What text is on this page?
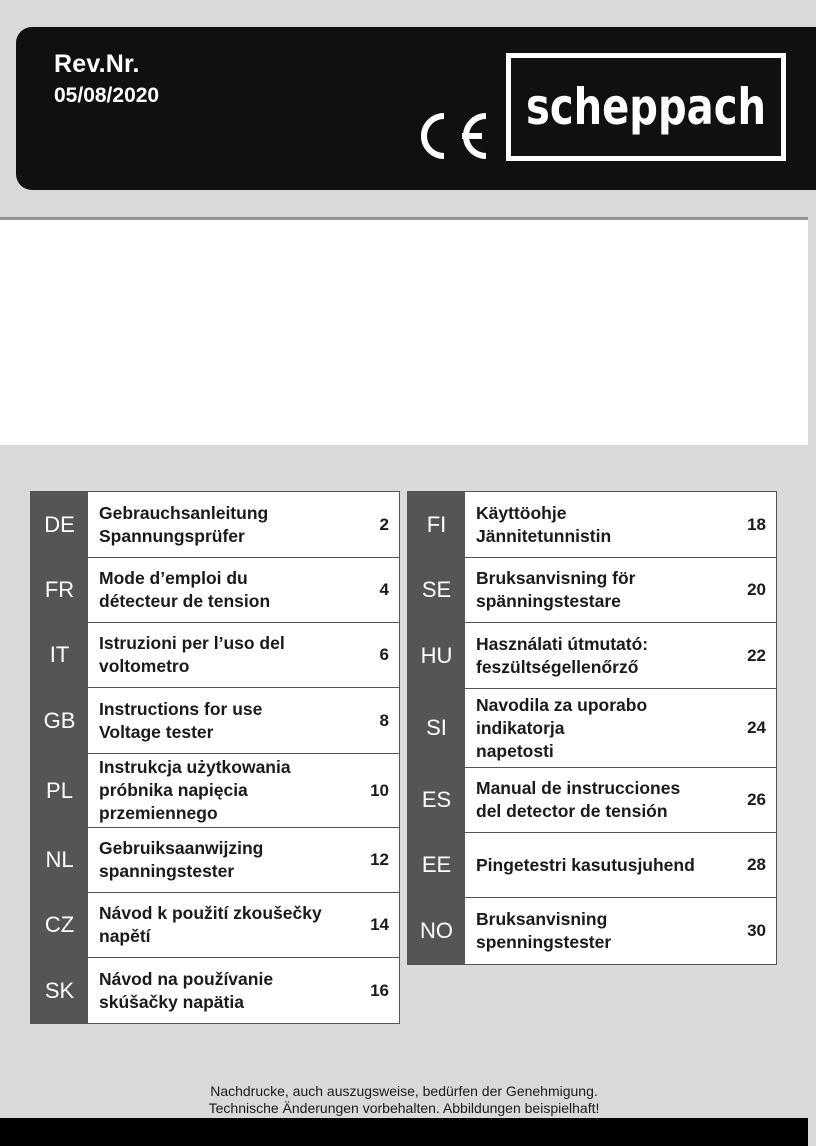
Rev.Nr.
05/08/2020	scheppach
DE	Gebrauchsanleitung
Spannungsprüfer
2
FR	Mode d’emploi du
détecteur de tension
4
IT	Istruzioni per l’uso del
voltometro
6
GB	Instructions for use
Voltage tester
8
PL
Instrukcja użytkowania
próbnika napięcia
przemiennego
10
NL	Gebruiksaanwijzing
spanningstester
12
CZ	Návod k použití zkoušečky
napětí
14
SK	Návod na používanie
skúšačky napätia
16
FI	Käyttöohje
Jännitetunnistin
18
SE	Bruksanvisning för
spänningstestare
20
HU	Használati útmutató:
feszültségellenőrző
22
SI
Navodila za uporabo
indikatorja
napetosti
24
ES	Manual de instrucciones
del detector de tensión
26
EE	Pingetestri kasutusjuhend	28
NO	Bruksanvisning
spenningstester
30
Nachdrucke, auch auszugsweise, bedürfen der Genehmigung.
Technische Änderungen vorbehalten. Abbildungen beispielhaft!
